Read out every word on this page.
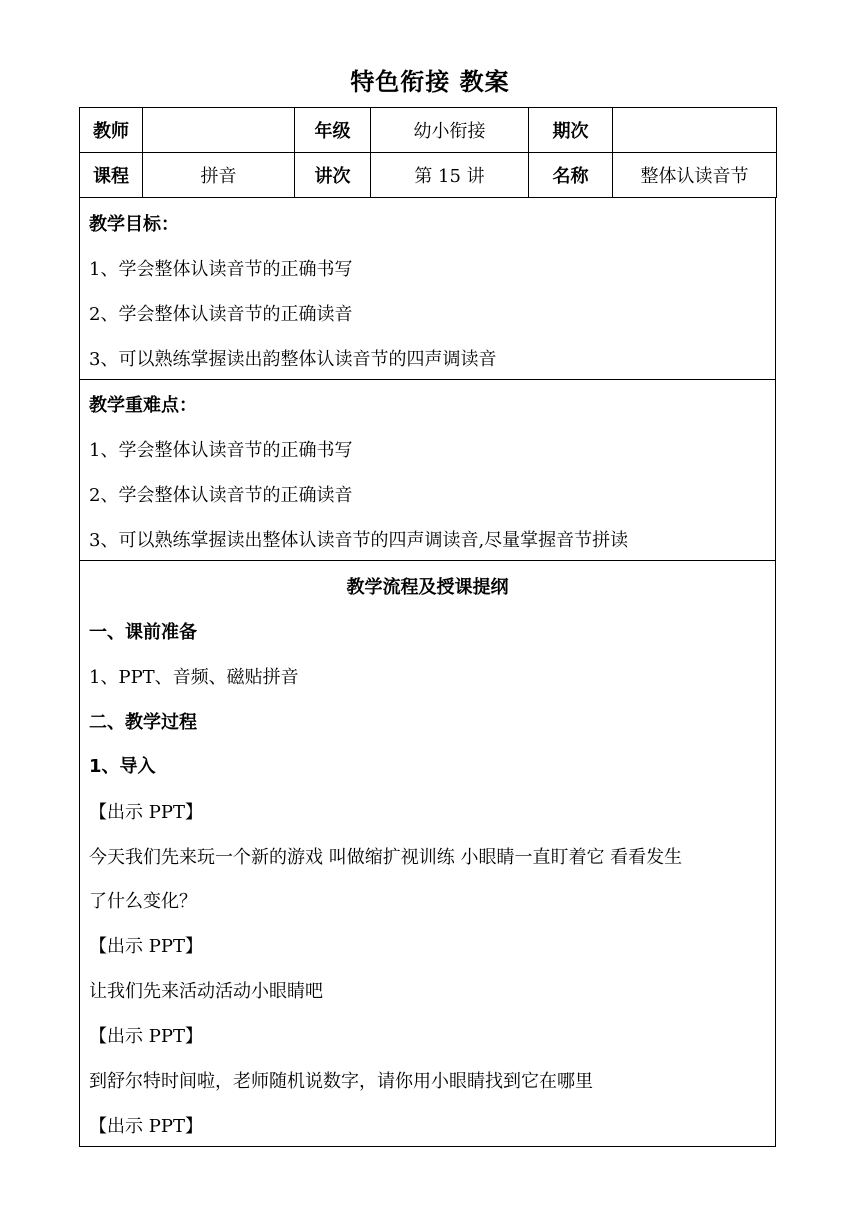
特色衔接 教案
教师		年级	幼小衔接	期次	
课程	拼音	讲次	第 15 讲	名称	整体认读音节
教学目标：
1、学会整体认读音节的正确书写
2、学会整体认读音节的正确读音
3、可以熟练掌握读出韵整体认读音节的四声调读音
教学重难点：
1、学会整体认读音节的正确书写
2、学会整体认读音节的正确读音
3、可以熟练掌握读出整体认读音节的四声调读音,尽量掌握音节拼读
教学流程及授课提纲
一、课前准备
1、PPT、音频、磁贴拼音
二、教学过程
1、导入
【出示 PPT】
今天我们先来玩一个新的游戏 叫做缩扩视训练 小眼睛一直盯着它 看看发生
了什么变化？
【出示 PPT】
让我们先来活动活动小眼睛吧
【出示 PPT】
到舒尔特时间啦，老师随机说数字，请你用小眼睛找到它在哪里
【出示 PPT】
